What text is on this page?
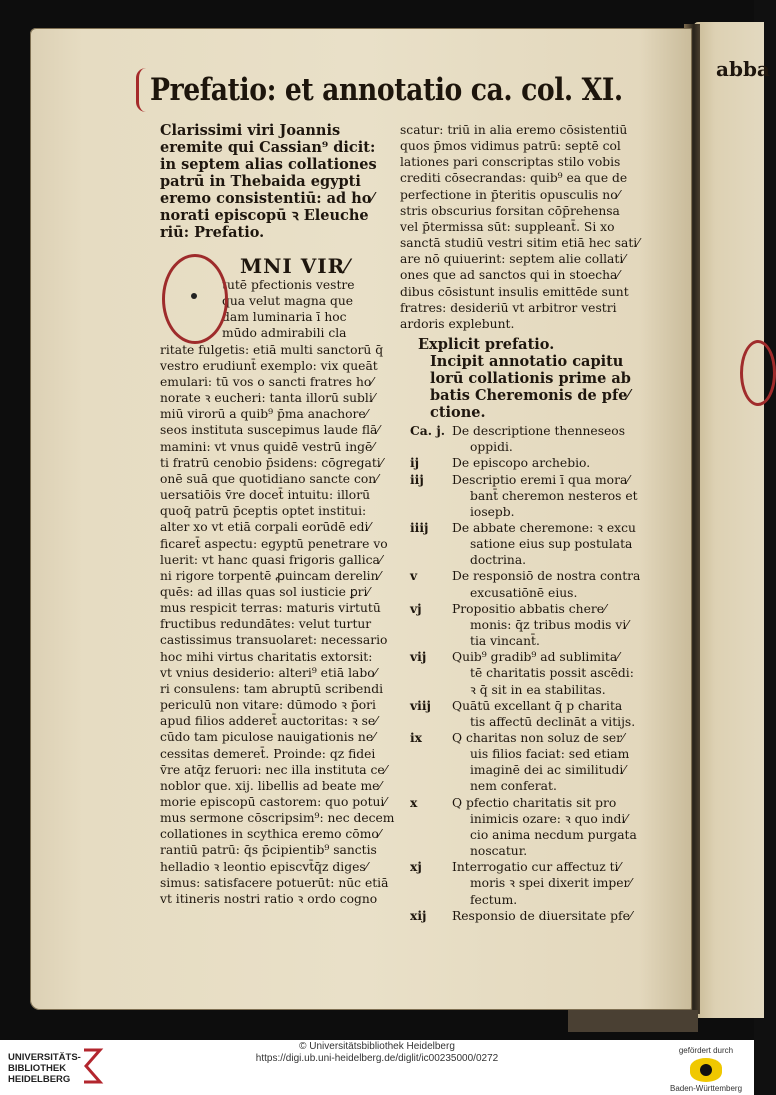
abba
Prefatio: et annotatio ca. col. XI.
Clarissimi viri Joannis
eremite qui Cassian⁹ dicit:
in septem alias collationes
patrū in Thebaida egypti
eremo consistentiū: ad ho⁄
norati episcopū ꝛ Eleuche
riū: Prefatio.
tutē pfectionis vestre
qua velut magna que
dam luminaria ī hoc
mūdo admirabili cla
ritate fulgetis: etiā multi sanctorū q̄
vestro erudiunt̄ exemplo: vix queāt
emulari: tū vos o sancti fratres ho⁄
norate ꝛ eucheri: tanta illorū subli⁄
miū virorū a quib⁹ p̄ma anachore⁄
seos instituta suscepimus laude flā⁄
mamini: vt vnus quidē vestrū ingē⁄
ti fratrū cenobio p̄sidens: cōgregati⁄
onē suā que quotidiano sancte con⁄
uersatiōis v̄re docet̄ intuitu: illorū
quoq̄ patrū p̄ceptis optet institui:
alter xo vt etiā corpali eorūdē edi⁄
ficaret̄ aspectu: egyptū penetrare vo
luerit: vt hanc quasi frigoris gallica⁄
ni rigore torpentē ꝓuincam derelin⁄
quēs: ad illas quas sol iusticie ꝑri⁄
mus respicit terras: maturis virtutū
fructibus redundātes: velut turtur
castissimus transuolaret: necessario
hoc mihi virtus charitatis extorsit:
vt vnius desiderio: alteri⁹ etiā labo⁄
ri consulens: tam abruptū scribendi
periculū non vitare: dūmodo ꝛ p̄ori
apud filios adderet̄ auctoritas: ꝛ se⁄
cūdo tam piculose nauigationis ne⁄
cessitas demeret̄. Proinde: qz fidei
v̄re atq̄z feruori: nec illa instituta ce⁄
noblor que. xij. libellis ad beate me⁄
morie episcopū castorem: quo potui⁄
mus sermone cōscripsim⁹: nec decem
collationes in scythica eremo cōmo⁄
rantiū patrū: q̄s p̄cipientib⁹ sanctis
helladio ꝛ leontio episcvt̄q̄z diges⁄
simus: satisfacere potuerūt: nūc etiā
vt itineris nostri ratio ꝛ ordo cogno
MNI VIR⁄
scatur: triū in alia eremo cōsistentiū
quos p̄mos vidimus patrū: septē col
lationes pari conscriptas stilo vobis
crediti cōsecrandas: quib⁹ ea que de
perfectione in p̄teritis opusculis no⁄
stris obscurius forsitan cōp̄rehensa
vel p̄termissa sūt: suppleant̄. Si xo
sanctā studiū vestri sitim etiā hec sati⁄
are nō quiuerint: septem alie collati⁄
ones que ad sanctos qui in stoecha⁄
dibus cōsistunt insulis emittēde sunt
fratres: desideriū vt arbitror vestri
ardoris explebunt.
Explicit prefatio.
Incipit annotatio capitu
lorū collationis prime ab
batis Cheremonis de pfe⁄
ctione.
Ca. j. De descriptione thenneseos
oppidi.
ij	De episcopo archebio.
iij	Descriptio eremi ī qua mora⁄
bant̄ cheremon nesteros et
iosepb.
iiij	De abbate cheremone: ꝛ excu
satione eius sup postulata
doctrina.
v	De responsiō de nostra contra
excusatiōnē eius.
vj	Propositio abbatis chere⁄
monis: q̄z tribus modis vi⁄
tia vincant̄.
vij	Quib⁹ gradib⁹ ad sublimita⁄
tē charitatis possit ascēdi:
ꝛ q̄ sit in ea stabilitas.
viij	Quātū excellant q̄ p charita
tis affectū declināt a vitijs.
ix	Q charitas non soluz de ser⁄
uis filios faciat: sed etiam
imaginē dei ac similitudi⁄
nem conferat.
x	Q pfectio charitatis sit pro
inimicis ozare: ꝛ quo indi⁄
cio anima necdum purgata
noscatur.
xj	Interrogatio cur affectuz ti⁄
moris ꝛ spei dixerit imper⁄
fectum.
xij	Responsio de diuersitate pfe⁄
UNIVERSITÄTS-
BIBLIOTHEK
HEIDELBERG
© Universitätsbibliothek Heidelberg
https://digi.ub.uni-heidelberg.de/diglit/ic00235000/0272
gefördert durch
Baden-Württemberg
